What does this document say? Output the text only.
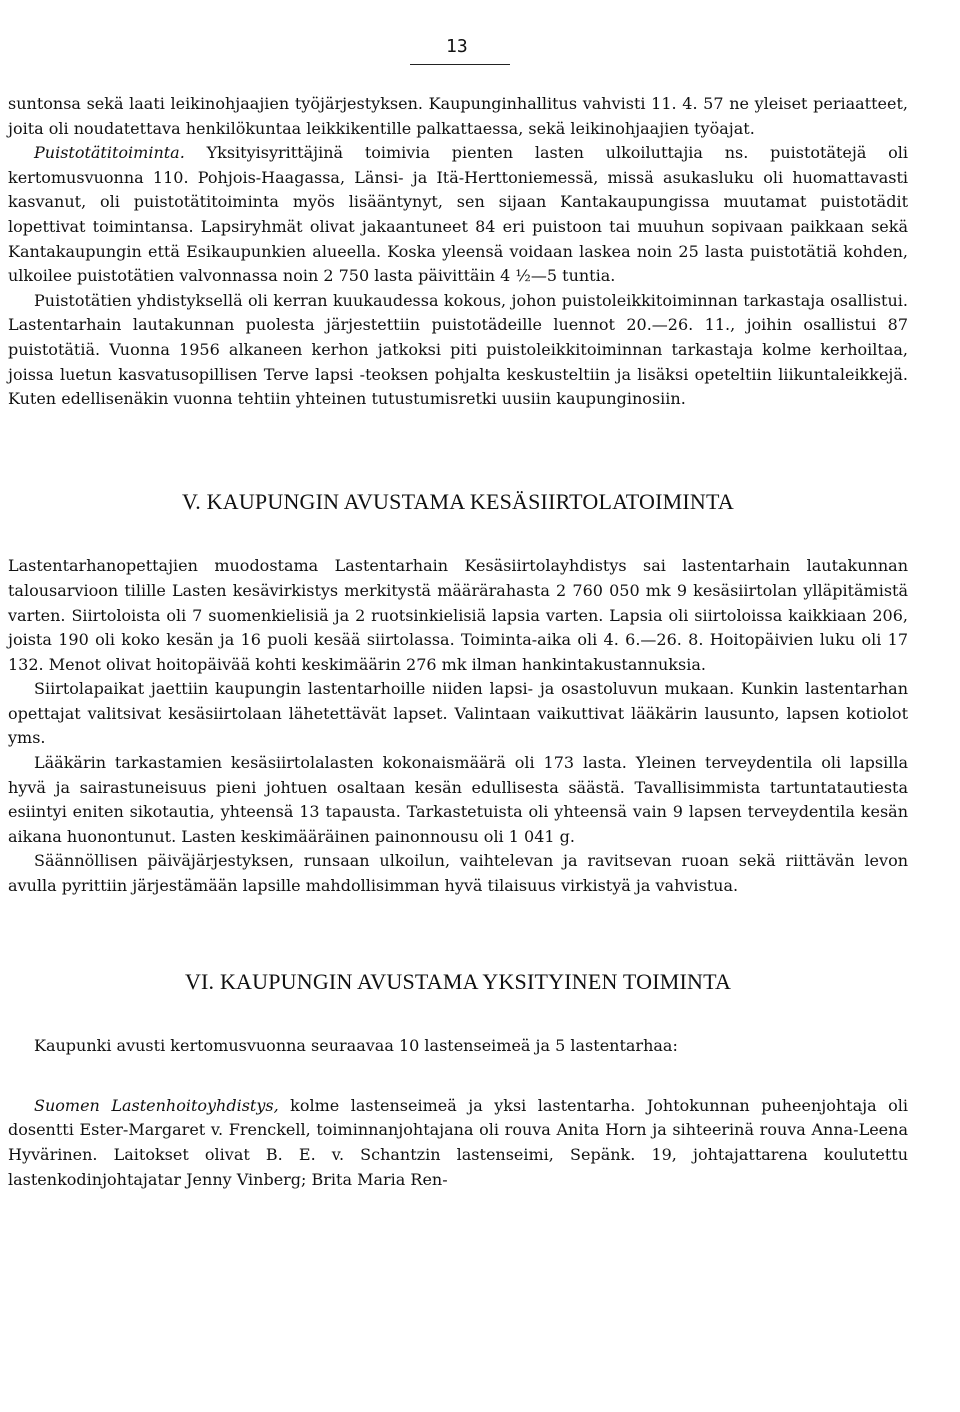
13

suntonsa sekä laati leikinohjaajien työjärjestyksen. Kaupunginhallitus vahvisti 11. 4. 57 ne yleiset periaatteet, joita oli noudatettava henkilökuntaa leikkikentille palkattaessa, sekä leikinohjaajien työajat.

Puistotätitoiminta. Yksityisyrittäjinä toimivia pienten lasten ulkoiluttajia ns. puistotätejä oli kertomusvuonna 110. Pohjois-Haagassa, Länsi- ja Itä-Herttoniemessä, missä asukasluku oli huomattavasti kasvanut, oli puistotätitoiminta myös lisääntynyt, sen sijaan Kantakaupungissa muutamat puistotädit lopettivat toimintansa. Lapsiryhmät olivat jakaantuneet 84 eri puistoon tai muuhun sopivaan paikkaan sekä Kantakaupungin että Esikaupunkien alueella. Koska yleensä voidaan laskea noin 25 lasta puistotätiä kohden, ulkoilee puistotätien valvonnassa noin 2 750 lasta päivittäin 4 ½—5 tuntia.

Puistotätien yhdistyksellä oli kerran kuukaudessa kokous, johon puistoleikkitoiminnan tarkastaja osallistui. Lastentarhain lautakunnan puolesta järjestettiin puistotädeille luennot 20.—26. 11., joihin osallistui 87 puistotätiä. Vuonna 1956 alkaneen kerhon jatkoksi piti puistoleikkitoiminnan tarkastaja kolme kerhoiltaa, joissa luetun kasvatusopillisen Terve lapsi -teoksen pohjalta keskusteltiin ja lisäksi opeteltiin liikuntaleikkejä. Kuten edellisenäkin vuonna tehtiin yhteinen tutustumisretki uusiin kaupunginosiin.

V. KAUPUNGIN AVUSTAMA KESÄSIIRTOLATOIMINTA

Lastentarhanopettajien muodostama Lastentarhain Kesäsiirtolayhdistys sai lastentarhain lautakunnan talousarvioon tilille Lasten kesävirkistys merkitystä määrärahasta 2 760 050 mk 9 kesäsiirtolan ylläpitämistä varten. Siirtoloista oli 7 suomenkielisiä ja 2 ruotsinkielisiä lapsia varten. Lapsia oli siirtoloissa kaikkiaan 206, joista 190 oli koko kesän ja 16 puoli kesää siirtolassa. Toiminta-aika oli 4. 6.—26. 8. Hoitopäivien luku oli 17 132. Menot olivat hoitopäivää kohti keskimäärin 276 mk ilman hankintakustannuksia.

Siirtolapaikat jaettiin kaupungin lastentarhoille niiden lapsi- ja osastoluvun mukaan. Kunkin lastentarhan opettajat valitsivat kesäsiirtolaan lähetettävät lapset. Valintaan vaikuttivat lääkärin lausunto, lapsen kotiolot yms.

Lääkärin tarkastamien kesäsiirtolalasten kokonaismäärä oli 173 lasta. Yleinen terveydentila oli lapsilla hyvä ja sairastuneisuus pieni johtuen osaltaan kesän edullisesta säästä. Tavallisimmista tartuntatautiesta esiintyi eniten sikotautia, yhteensä 13 tapausta. Tarkastetuista oli yhteensä vain 9 lapsen terveydentila kesän aikana huonontunut. Lasten keskimääräinen painonnousu oli 1 041 g.

Säännöllisen päiväjärjestyksen, runsaan ulkoilun, vaihtelevan ja ravitsevan ruoan sekä riittävän levon avulla pyrittiin järjestämään lapsille mahdollisimman hyvä tilaisuus virkistyä ja vahvistua.

VI. KAUPUNGIN AVUSTAMA YKSITYINEN TOIMINTA

Kaupunki avusti kertomusvuonna seuraavaa 10 lastenseimeä ja 5 lastentarhaa:

Suomen Lastenhoitoyhdistys, kolme lastenseimeä ja yksi lastentarha. Johtokunnan puheenjohtaja oli dosentti Ester-Margaret v. Frenckell, toiminnanjohtajana oli rouva Anita Horn ja sihteerinä rouva Anna-Leena Hyvärinen. Laitokset olivat B. E. v. Schantzin lastenseimi, Sepänk. 19, johtajattarena koulutettu lastenkodinjohtajatar Jenny Vinberg; Brita Maria Ren-
